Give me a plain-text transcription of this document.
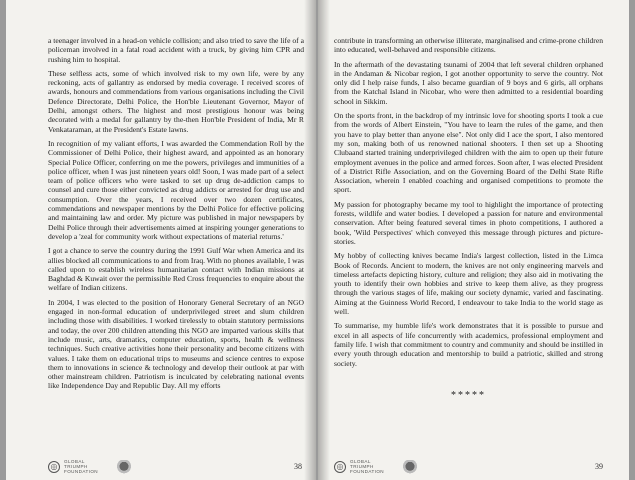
a teenager involved in a head-on vehicle collision; and also tried to save the life of a policeman involved in a fatal road accident with a truck, by giving him CPR and rushing him to hospital.

These selfless acts, some of which involved risk to my own life, were by any reckoning, acts of gallantry as endorsed by media coverage. I received scores of awards, honours and commendations from various organisations including the Civil Defence Directorate, Delhi Police, the Hon'ble Lieutenant Governor, Mayor of Delhi, amongst others. The highest and most prestigious honour was being decorated with a medal for gallantry by the-then Hon'ble President of India, Mr R Venkataraman, at the President's Estate lawns.

In recognition of my valiant efforts, I was awarded the Commendation Roll by the Commissioner of Delhi Police, their highest award, and appointed as an honorary Special Police Officer, conferring on me the powers, privileges and immunities of a police officer, when I was just nineteen years old! Soon, I was made part of a select team of police officers who were tasked to set up drug de-addiction camps to counsel and cure those either convicted as drug addicts or arrested for drug use and consumption. Over the years, I received over two dozen certificates, commendations and newspaper mentions by the Delhi Police for effective policing and maintaining law and order. My picture was published in major newspapers by Delhi Police through their advertisements aimed at inspiring younger generations to develop a 'zeal for community work without expectations of material returns.'

I got a chance to serve the country during the 1991 Gulf War when America and its allies blocked all communications to and from Iraq. With no phones available, I was called upon to establish wireless humanitarian contact with Indian missions at Baghdad & Kuwait over the permissible Red Cross frequencies to enquire about the welfare of Indian citizens.

In 2004, I was elected to the position of Honorary General Secretary of an NGO engaged in non-formal education of underprivileged street and slum children including those with disabilities. I worked tirelessly to obtain statutory permissions and today, the over 200 children attending this NGO are imparted various skills that include music, arts, dramatics, computer education, sports, health & wellness techniques. Such creative activities hone their personality and become citizens with values. I take them on educational trips to museums and science centres to expose them to innovations in science & technology and develop their outlook at par with other mainstream children. Patriotism is inculcated by celebrating national events like Independence Day and Republic Day. All my efforts

◎
GLOBAL
TRIUMPH
FOUNDATION
38

contribute in transforming an otherwise illiterate, marginalised and crime-prone children into educated, well-behaved and responsible citizens.

In the aftermath of the devastating tsunami of 2004 that left several children orphaned in the Andaman & Nicobar region, I got another opportunity to serve the country. Not only did I help raise funds, I also became guardian of 9 boys and 6 girls, all orphans from the Katchal Island in Nicobar, who were then admitted to a residential boarding school in Sikkim.

On the sports front, in the backdrop of my intrinsic love for shooting sports I took a cue from the words of Albert Einstein, "You have to learn the rules of the game, and then you have to play better than anyone else". Not only did I ace the sport, I also mentored my son, making both of us renowned national shooters. I then set up a Shooting Clubaand started training underprivileged children with the aim to open up their future employment avenues in the police and armed forces. Soon after, I was elected President of a District Rifle Association, and on the Governing Board of the Delhi State Rifle Association, wherein I enabled coaching and organised competitions to promote the sport.

My passion for photography became my tool to highlight the importance of protecting forests, wildlife and water bodies. I developed a passion for nature and environmental conservation. After being featured several times in photo competitions, I authored a book, 'Wild Perspectives' which conveyed this message through pictures and picture-stories.

My hobby of collecting knives became India's largest collection, listed in the Limca Book of Records. Ancient to modern, the knives are not only engineering marvels and timeless artefacts depicting history, culture and religion; they also aid in motivating the youth to identify their own hobbies and strive to keep them alive, as they progress through the various stages of life, making our society dynamic, varied and fascinating. Aiming at the Guinness World Record, I endeavour to take India to the world stage as well.

To summarise, my humble life's work demonstrates that it is possible to pursue and excel in all aspects of life concurrently with academics, professional employment and family life. I wish that commitment to country and community and should be instilled in every youth through education and mentorship to build a patriotic, skilled and strong society.

*****
◎
GLOBAL
TRIUMPH
FOUNDATION
39
